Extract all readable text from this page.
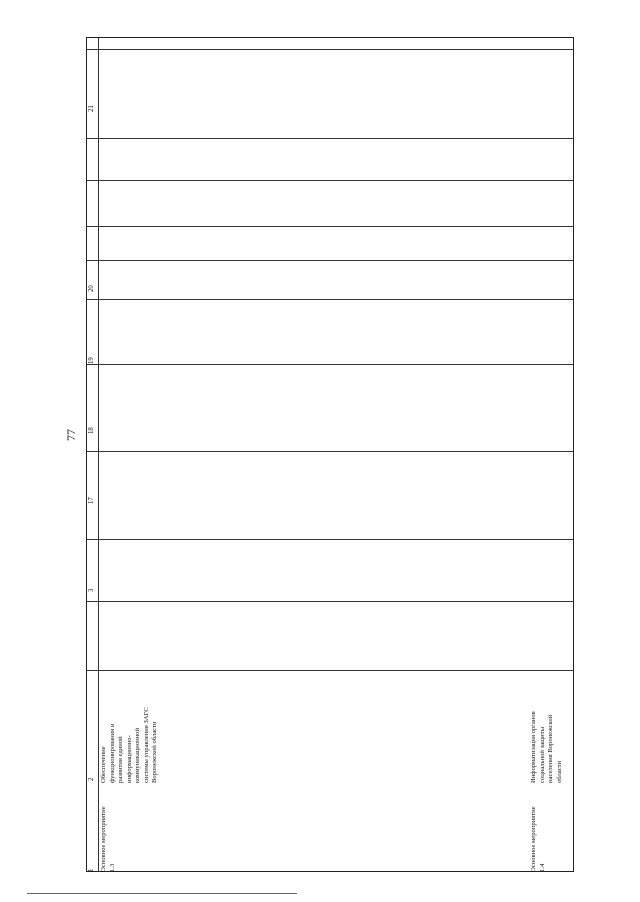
77
1
2
3
17
18
19
20
21
Основное мероприятие
1.3
Обеспечение
функционирования и
развития единой
информационно-
коммуникационной
системы управления ЗАГС
Воронежской области
Основное мероприятие
1.4
Информатизация органов
социальной защиты
населения Воронежской
области
